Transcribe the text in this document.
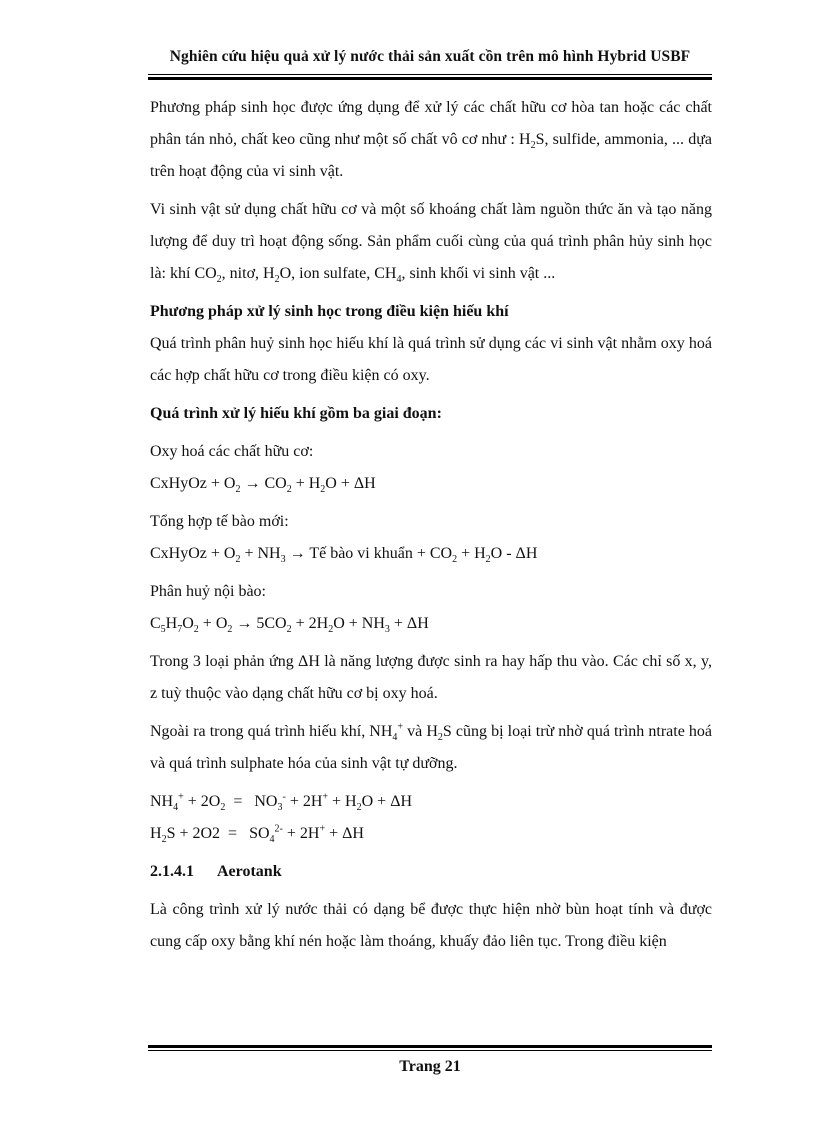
Nghiên cứu hiệu quả xử lý nước thải sản xuất cồn trên mô hình Hybrid USBF

Phương pháp sinh học được ứng dụng để xử lý các chất hữu cơ hòa tan hoặc các chất phân tán nhỏ, chất keo cũng như một số chất vô cơ như : $H_2S$, sulfide, ammonia, ... dựa trên hoạt động của vi sinh vật.

Vi sinh vật sử dụng chất hữu cơ và một số khoáng chất làm nguồn thức ăn và tạo năng lượng để duy trì hoạt động sống. Sản phẩm cuối cùng của quá trình phân hủy sinh học là: khí $CO_2$, nitơ, $H_2O$, ion sulfate, $CH_4$, sinh khối vi sinh vật ...

Phương pháp xử lý sinh học trong điều kiện hiếu khí

Quá trình phân huỷ sinh học hiếu khí là quá trình sử dụng các vi sinh vật nhằm oxy hoá các hợp chất hữu cơ trong điều kiện có oxy.

Quá trình xử lý hiếu khí gồm ba giai đoạn:
Oxy hoá các chất hữu cơ:
CxHyOz + $O_2 \to CO_2 + H_2O + \Delta H$
Tổng hợp tế bào mới:
CxHyOz + $O_2 + NH_3$ → Tế bào vi khuẩn + $CO_2 + H_2O - \Delta H$
Phân huỷ nội bào:
$C_5H_7O_2 + O_2 \to 5CO_2 + 2H_2O + NH_3 + \Delta H$

Trong 3 loại phản ứng ΔH là năng lượng được sinh ra hay hấp thu vào. Các chỉ số x, y, z tuỳ thuộc vào dạng chất hữu cơ bị oxy hoá.

Ngoài ra trong quá trình hiếu khí, $NH_4^+$ và $H_2S$ cũng bị loại trừ nhờ quá trình ntrate hoá và quá trình sulphate hóa của sinh vật tự dưỡng.

$NH_4^+ + 2O_2 = NO_3^- + 2H^+ + H_2O + \Delta H$
$H_2S + 2O2 = SO_4^{2-} + 2H^+ + \Delta H$
2.1.4.1 Aerotank

Là công trình xử lý nước thải có dạng bể được thực hiện nhờ bùn hoạt tính và được cung cấp oxy bằng khí nén hoặc làm thoáng, khuấy đảo liên tục. Trong điều kiện

Trang 21
